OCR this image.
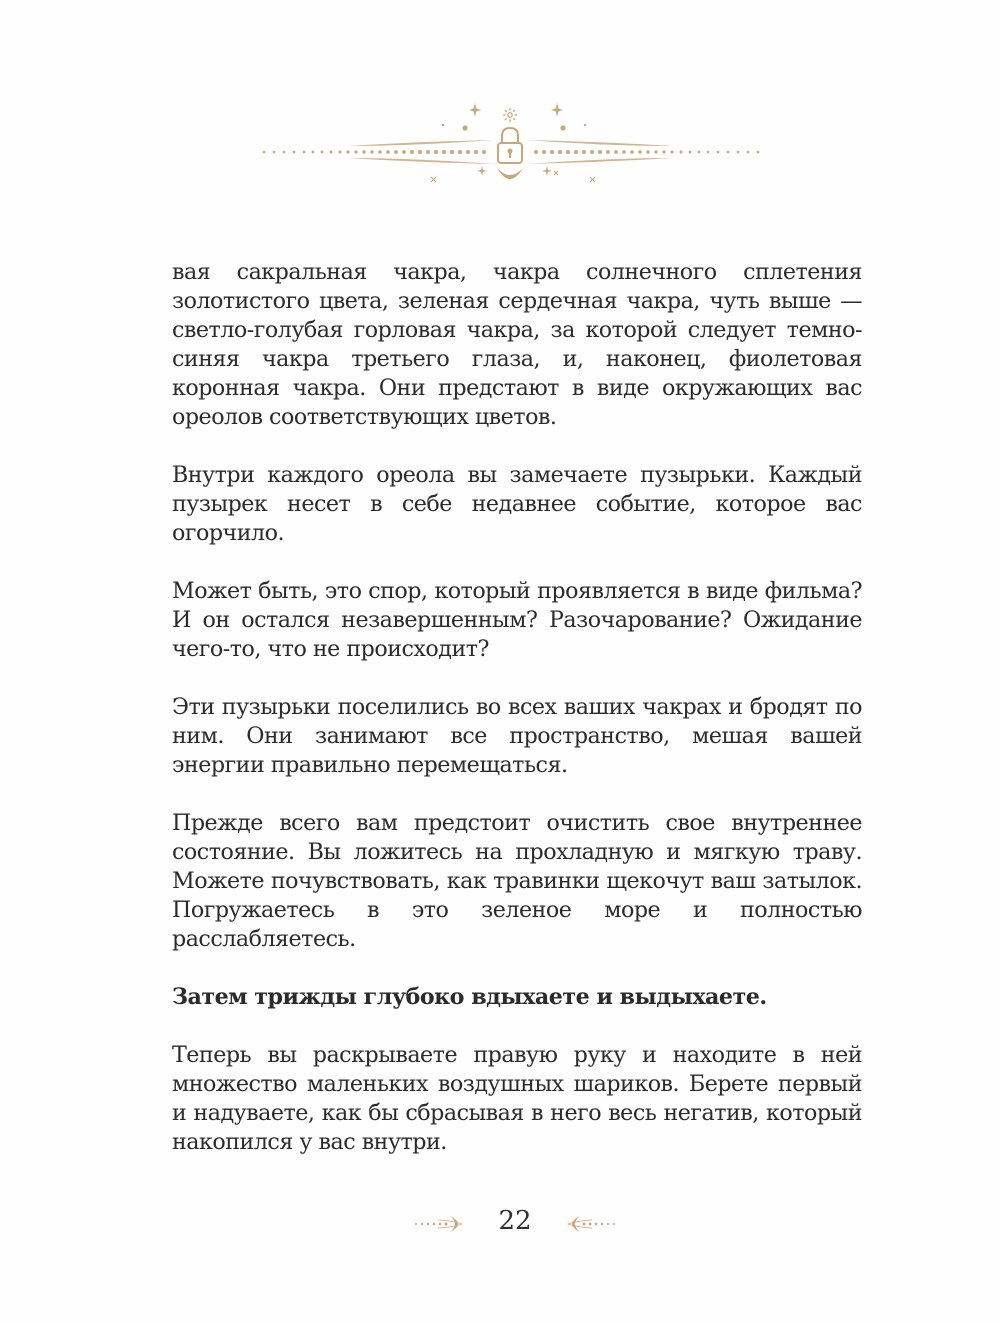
вая сакральная чакра, чакра солнечного сплетения золотистого цвета, зеленая сердечная чакра, чуть выше — светло-голубая горловая чакра, за которой следует темно-синяя чакра третьего глаза, и, наконец, фиолетовая коронная чакра. Они предстают в виде окружающих вас ореолов соответствующих цветов.

Внутри каждого ореола вы замечаете пузырьки. Каждый пузырек несет в себе недавнее событие, которое вас огорчило.

Может быть, это спор, который проявляется в виде фильма? И он остался незавершенным? Разочарование? Ожидание чего-то, что не происходит?

Эти пузырьки поселились во всех ваших чакрах и бродят по ним. Они занимают все пространство, мешая вашей энергии правильно перемещаться.

Прежде всего вам предстоит очистить свое внутреннее состояние. Вы ложитесь на прохладную и мягкую траву. Можете почувствовать, как травинки щекочут ваш затылок. Погружаетесь в это зеленое море и полностью расслабляетесь.

Затем трижды глубоко вдыхаете и выдыхаете.

Теперь вы раскрываете правую руку и находите в ней множество маленьких воздушных шариков. Берете первый и надуваете, как бы сбрасывая в него весь негатив, который накопился у вас внутри.

22
